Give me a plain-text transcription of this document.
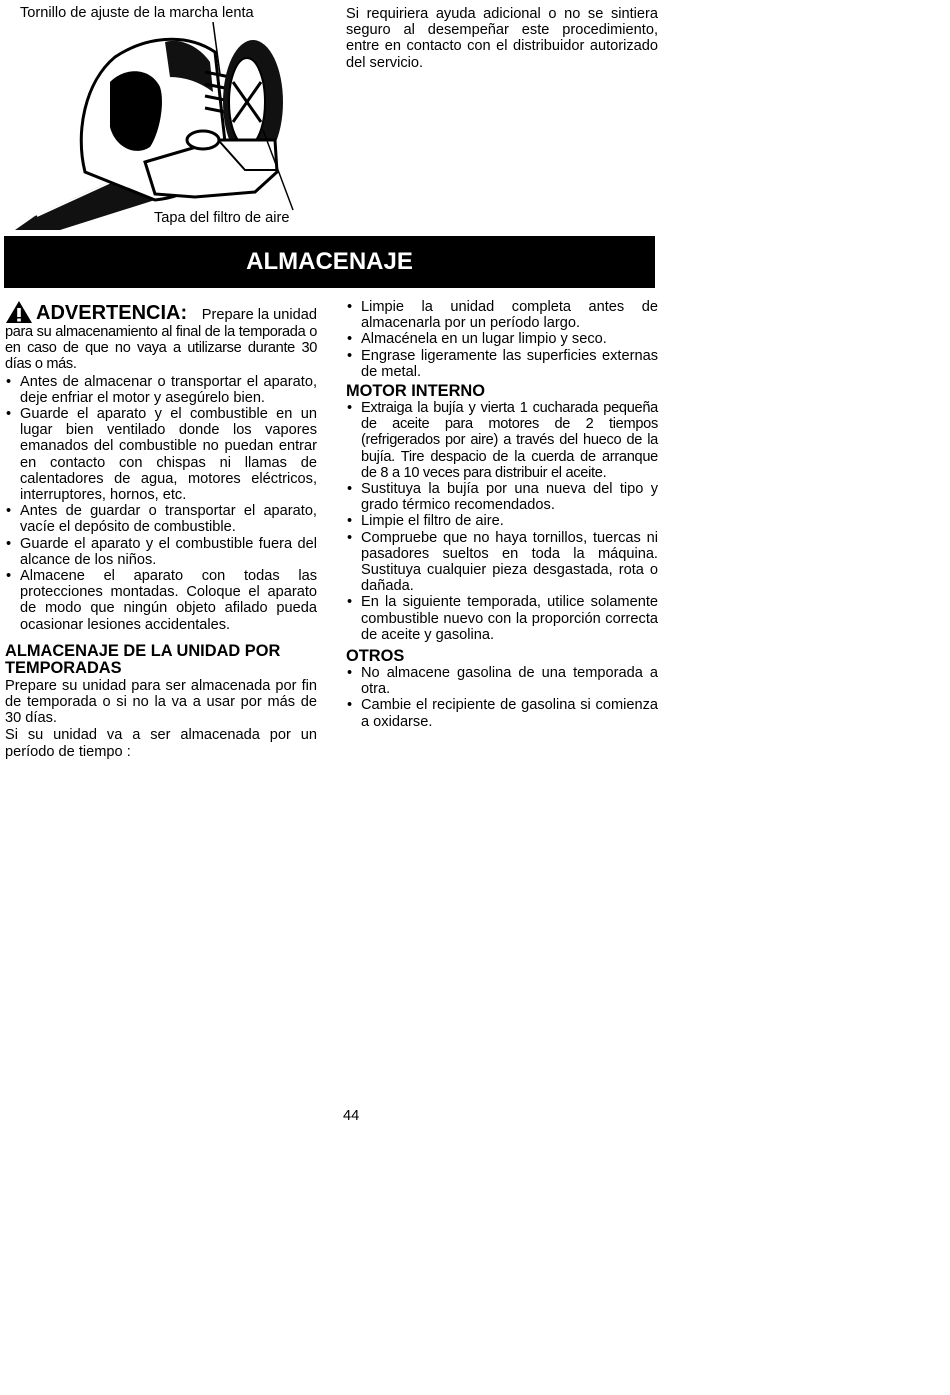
Tornillo de ajuste de la marcha lenta
Tapa del filtro de aire

Si requiriera ayuda adicional o no se sintiera seguro al desempeñar este procedimiento, entre en contacto con el distribuidor autorizado del servicio.

ALMACENAJE
ADVERTENCIA:	Prepare la unidad

para su almacenamiento al final de la temporada o en caso de que no vaya a utilizarse durante 30 días o más.

• Antes de almacenar o transportar el aparato, deje enfriar el motor y asegúrelo bien.
• Guarde el aparato y el combustible en un lugar bien ventilado donde los vapores emanados del combustible no puedan entrar en contacto con chispas ni llamas de calentadores de agua, motores eléctricos, interruptores, hornos, etc.
• Antes de guardar o transportar el aparato, vacíe el depósito de combustible.
• Guarde el aparato y el combustible fuera del alcance de los niños.
• Almacene el aparato con todas las protecciones montadas. Coloque el aparato de modo que ningún objeto afilado pueda ocasionar lesiones accidentales.
ALMACENAJE DE LA UNIDAD POR
TEMPORADAS

Prepare su unidad para ser almacenada por fin de temporada o si no la va a usar por más de 30 días.

Si su unidad va a ser almacenada por un período de tiempo :

• Limpie la unidad completa antes de almacenarla por un período largo.
• Almacénela en un lugar limpio y seco.
• Engrase ligeramente las superficies externas de metal.
MOTOR INTERNO
• Extraiga la bujía y vierta 1 cucharada pequeña de aceite para motores de 2 tiempos (refrigerados por aire) a través del hueco de la bujía. Tire despacio de la cuerda de arranque de 8 a 10 veces para distribuir el aceite.
• Sustituya la bujía por una nueva del tipo y grado térmico recomendados.
• Limpie el filtro de aire.
• Compruebe que no haya tornillos, tuercas ni pasadores sueltos en toda la máquina. Sustituya cualquier pieza desgastada, rota o dañada.
• En la siguiente temporada, utilice solamente combustible nuevo con la proporción correcta de aceite y gasolina.
OTROS
• No almacene gasolina de una temporada a otra.
• Cambie el recipiente de gasolina si comienza a oxidarse.
44
